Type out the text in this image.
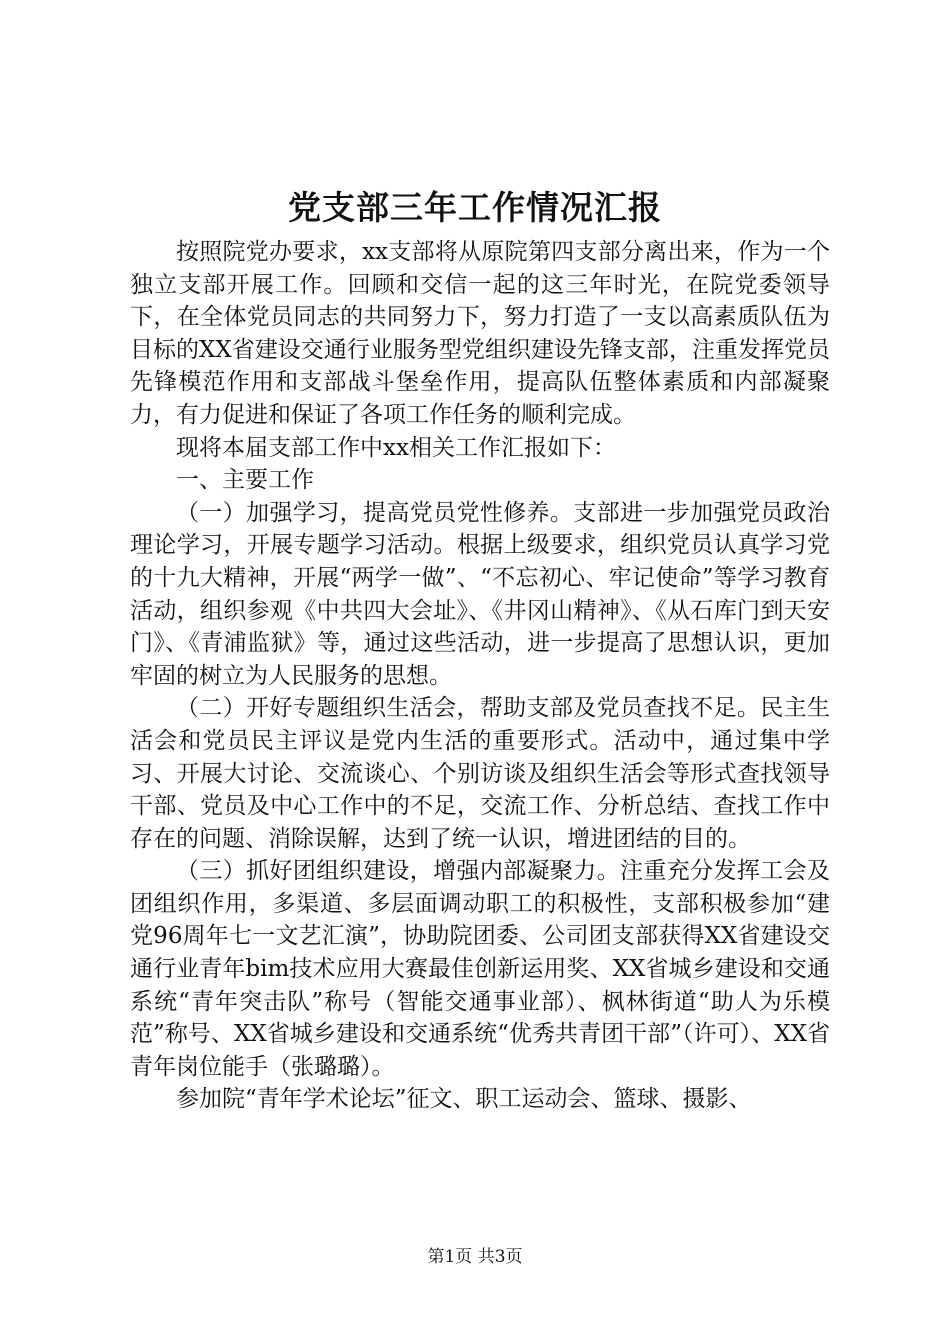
党支部三年工作情况汇报

按照院党办要求，xx支部将从原院第四支部分离出来，作为一个独立支部开展工作。回顾和交信一起的这三年时光，在院党委领导下，在全体党员同志的共同努力下，努力打造了一支以高素质队伍为目标的XX省建设交通行业服务型党组织建设先锋支部，注重发挥党员先锋模范作用和支部战斗堡垒作用，提高队伍整体素质和内部凝聚力，有力促进和保证了各项工作任务的顺利完成。

现将本届支部工作中xx相关工作汇报如下：

一、主要工作

（一）加强学习，提高党员党性修养。支部进一步加强党员政治理论学习，开展专题学习活动。根据上级要求，组织党员认真学习党的十九大精神，开展“两学一做”、“不忘初心、牢记使命”等学习教育活动，组织参观《中共四大会址》、《井冈山精神》、《从石库门到天安门》、《青浦监狱》等，通过这些活动，进一步提高了思想认识，更加牢固的树立为人民服务的思想。

（二）开好专题组织生活会，帮助支部及党员查找不足。民主生活会和党员民主评议是党内生活的重要形式。活动中，通过集中学习、开展大讨论、交流谈心、个别访谈及组织生活会等形式查找领导干部、党员及中心工作中的不足，交流工作、分析总结、查找工作中存在的问题、消除误解，达到了统一认识，增进团结的目的。

（三）抓好团组织建设，增强内部凝聚力。注重充分发挥工会及团组织作用，多渠道、多层面调动职工的积极性，支部积极参加“建党96周年七一文艺汇演”，协助院团委、公司团支部获得XX省建设交通行业青年bim技术应用大赛最佳创新运用奖、XX省城乡建设和交通系统“青年突击队”称号（智能交通事业部）、枫林街道“助人为乐模范”称号、XX省城乡建设和交通系统“优秀共青团干部”（许可）、XX省青年岗位能手（张璐璐）。

参加院“青年学术论坛”征文、职工运动会、篮球、摄影、

第1页 共3页
